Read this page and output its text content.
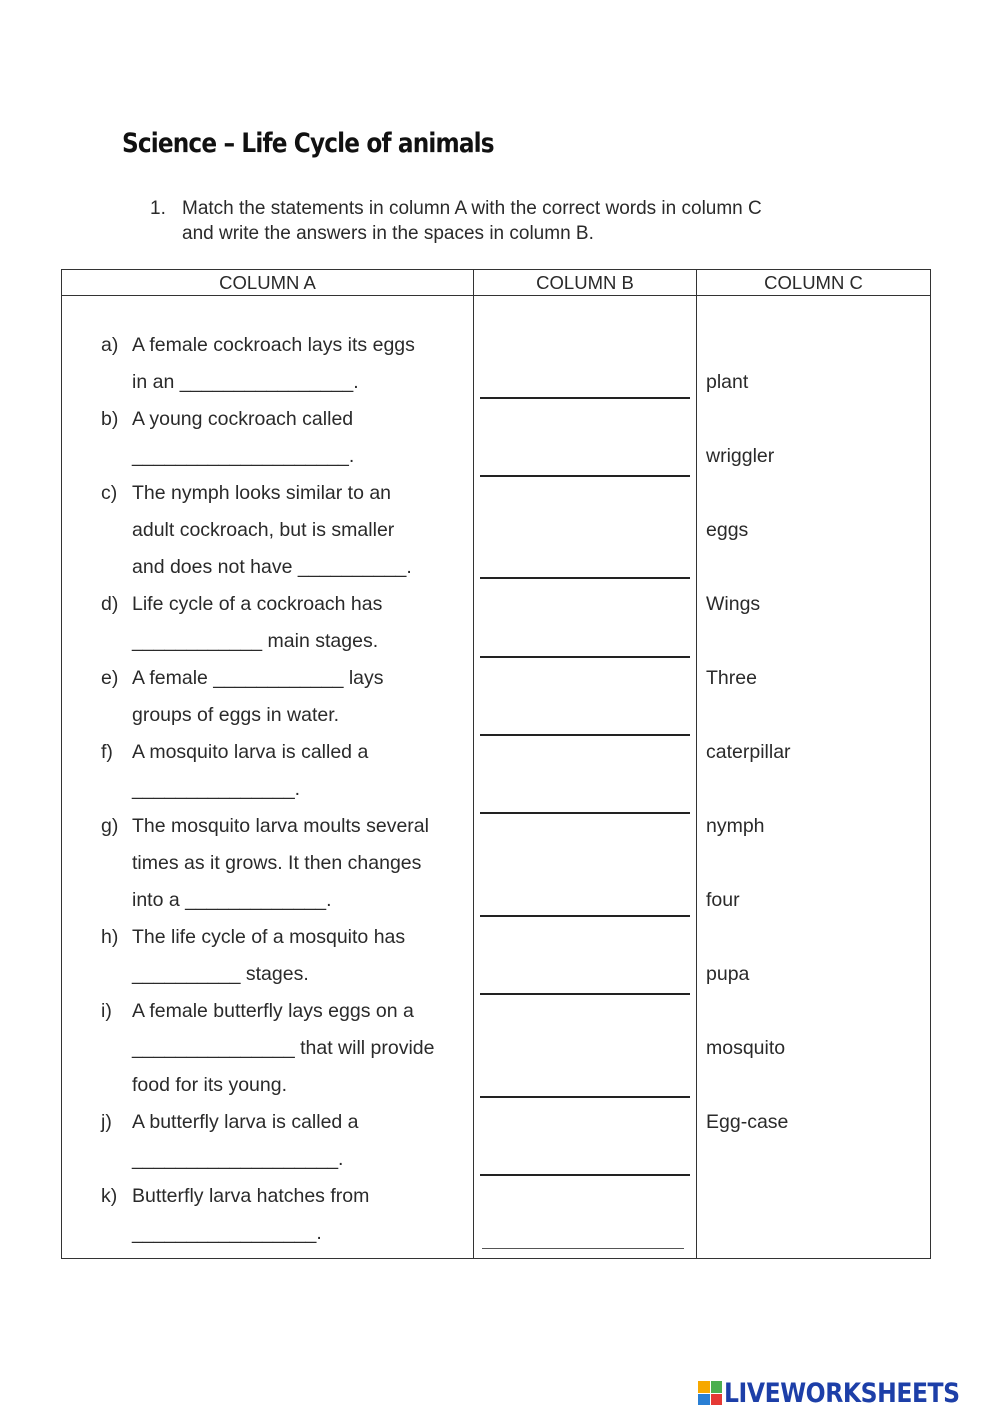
Science – Life Cycle of animals
1. Match the statements in column A with the correct words in column C
and write the answers in the spaces in column B.
COLUMN A	COLUMN B	COLUMN C
a) A female cockroach lays its eggs
in an ________________.
b) A young cockroach called
____________________.
c) The nymph looks similar to an
adult cockroach, but is smaller
and does not have __________.
d) Life cycle of a cockroach has
____________ main stages.
e) A female ____________ lays
groups of eggs in water.
f) A mosquito larva is called a
_______________.
g) The mosquito larva moults several
times as it grows. It then changes
into a _____________.
h) The life cycle of a mosquito has
__________ stages.
i) A female butterfly lays eggs on a
_______________ that will provide
food for its young.
j) A butterfly larva is called a
___________________.
k) Butterfly larva hatches from
_________________.
plant
wriggler
eggs
Wings
Three
caterpillar
nymph
four
pupa
mosquito
Egg-case
LIVEWORKSHEETS
